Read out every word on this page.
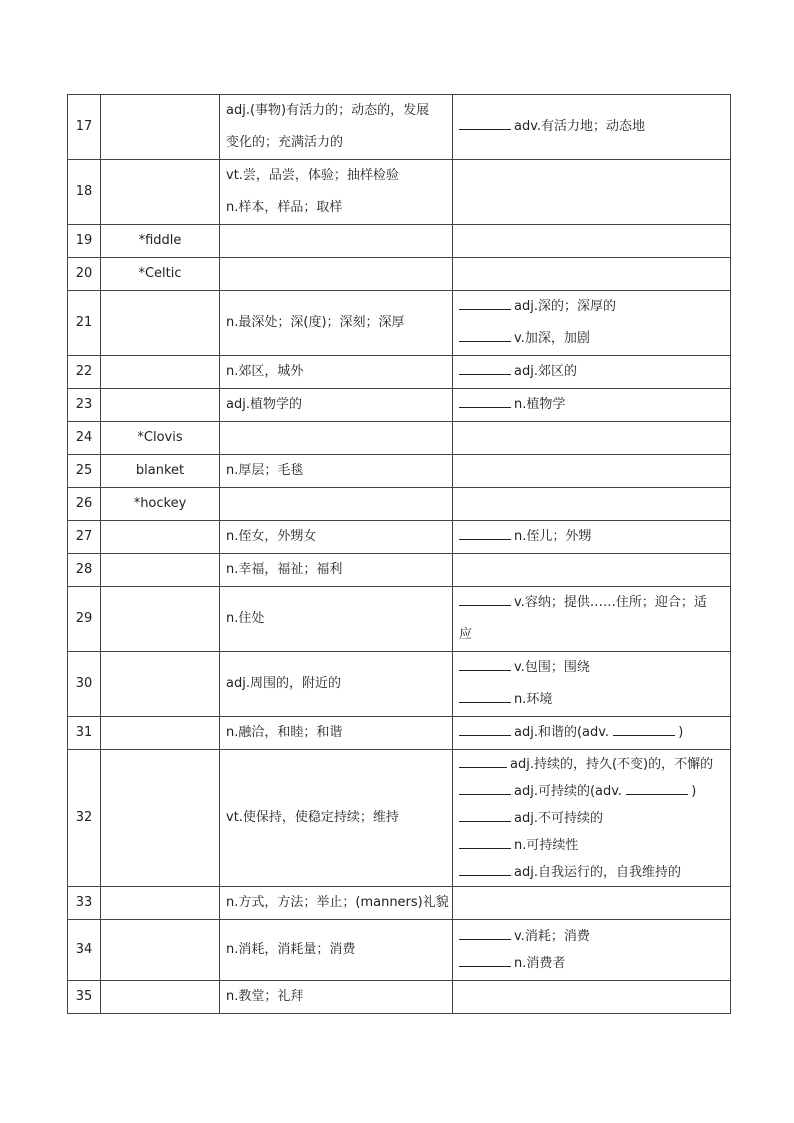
17		adj.(事物)有活力的；动态的，发展
变化的；充满活力的	adv.有活力地；动态地

18		vt.尝，品尝，体验；抽样检验
n.样本，样品；取样	

19	*fiddle		
20	*Celtic		
21		n.最深处；深(度)；深刻；深厚	adj.深的；深厚的
v.加深，加剧

22		n.郊区，城外	adj.郊区的

23		adj.植物学的	n.植物学

24	*Clovis		
25	blanket	n.厚层；毛毯	

26	*hockey		
27		n.侄女，外甥女	n.侄儿；外甥

28		n.幸福，福祉；福利	

29		n.住处	v.容纳；提供……住所；迎合；适
应

30		adj.周围的，附近的	v.包围；围绕
n.环境

31		n.融洽，和睦；和谐	adj.和谐的(adv. )

32		vt.使保持，使稳定持续；维持	adj.持续的，持久(不变)的，不懈的
adj.可持续的(adv. )
adj.不可持续的
n.可持续性
adj.自我运行的，自我维持的

33		n.方式，方法；举止；(manners)礼貌	

34		n.消耗，消耗量；消费	v.消耗；消费
n.消费者

35		n.教堂；礼拜	
